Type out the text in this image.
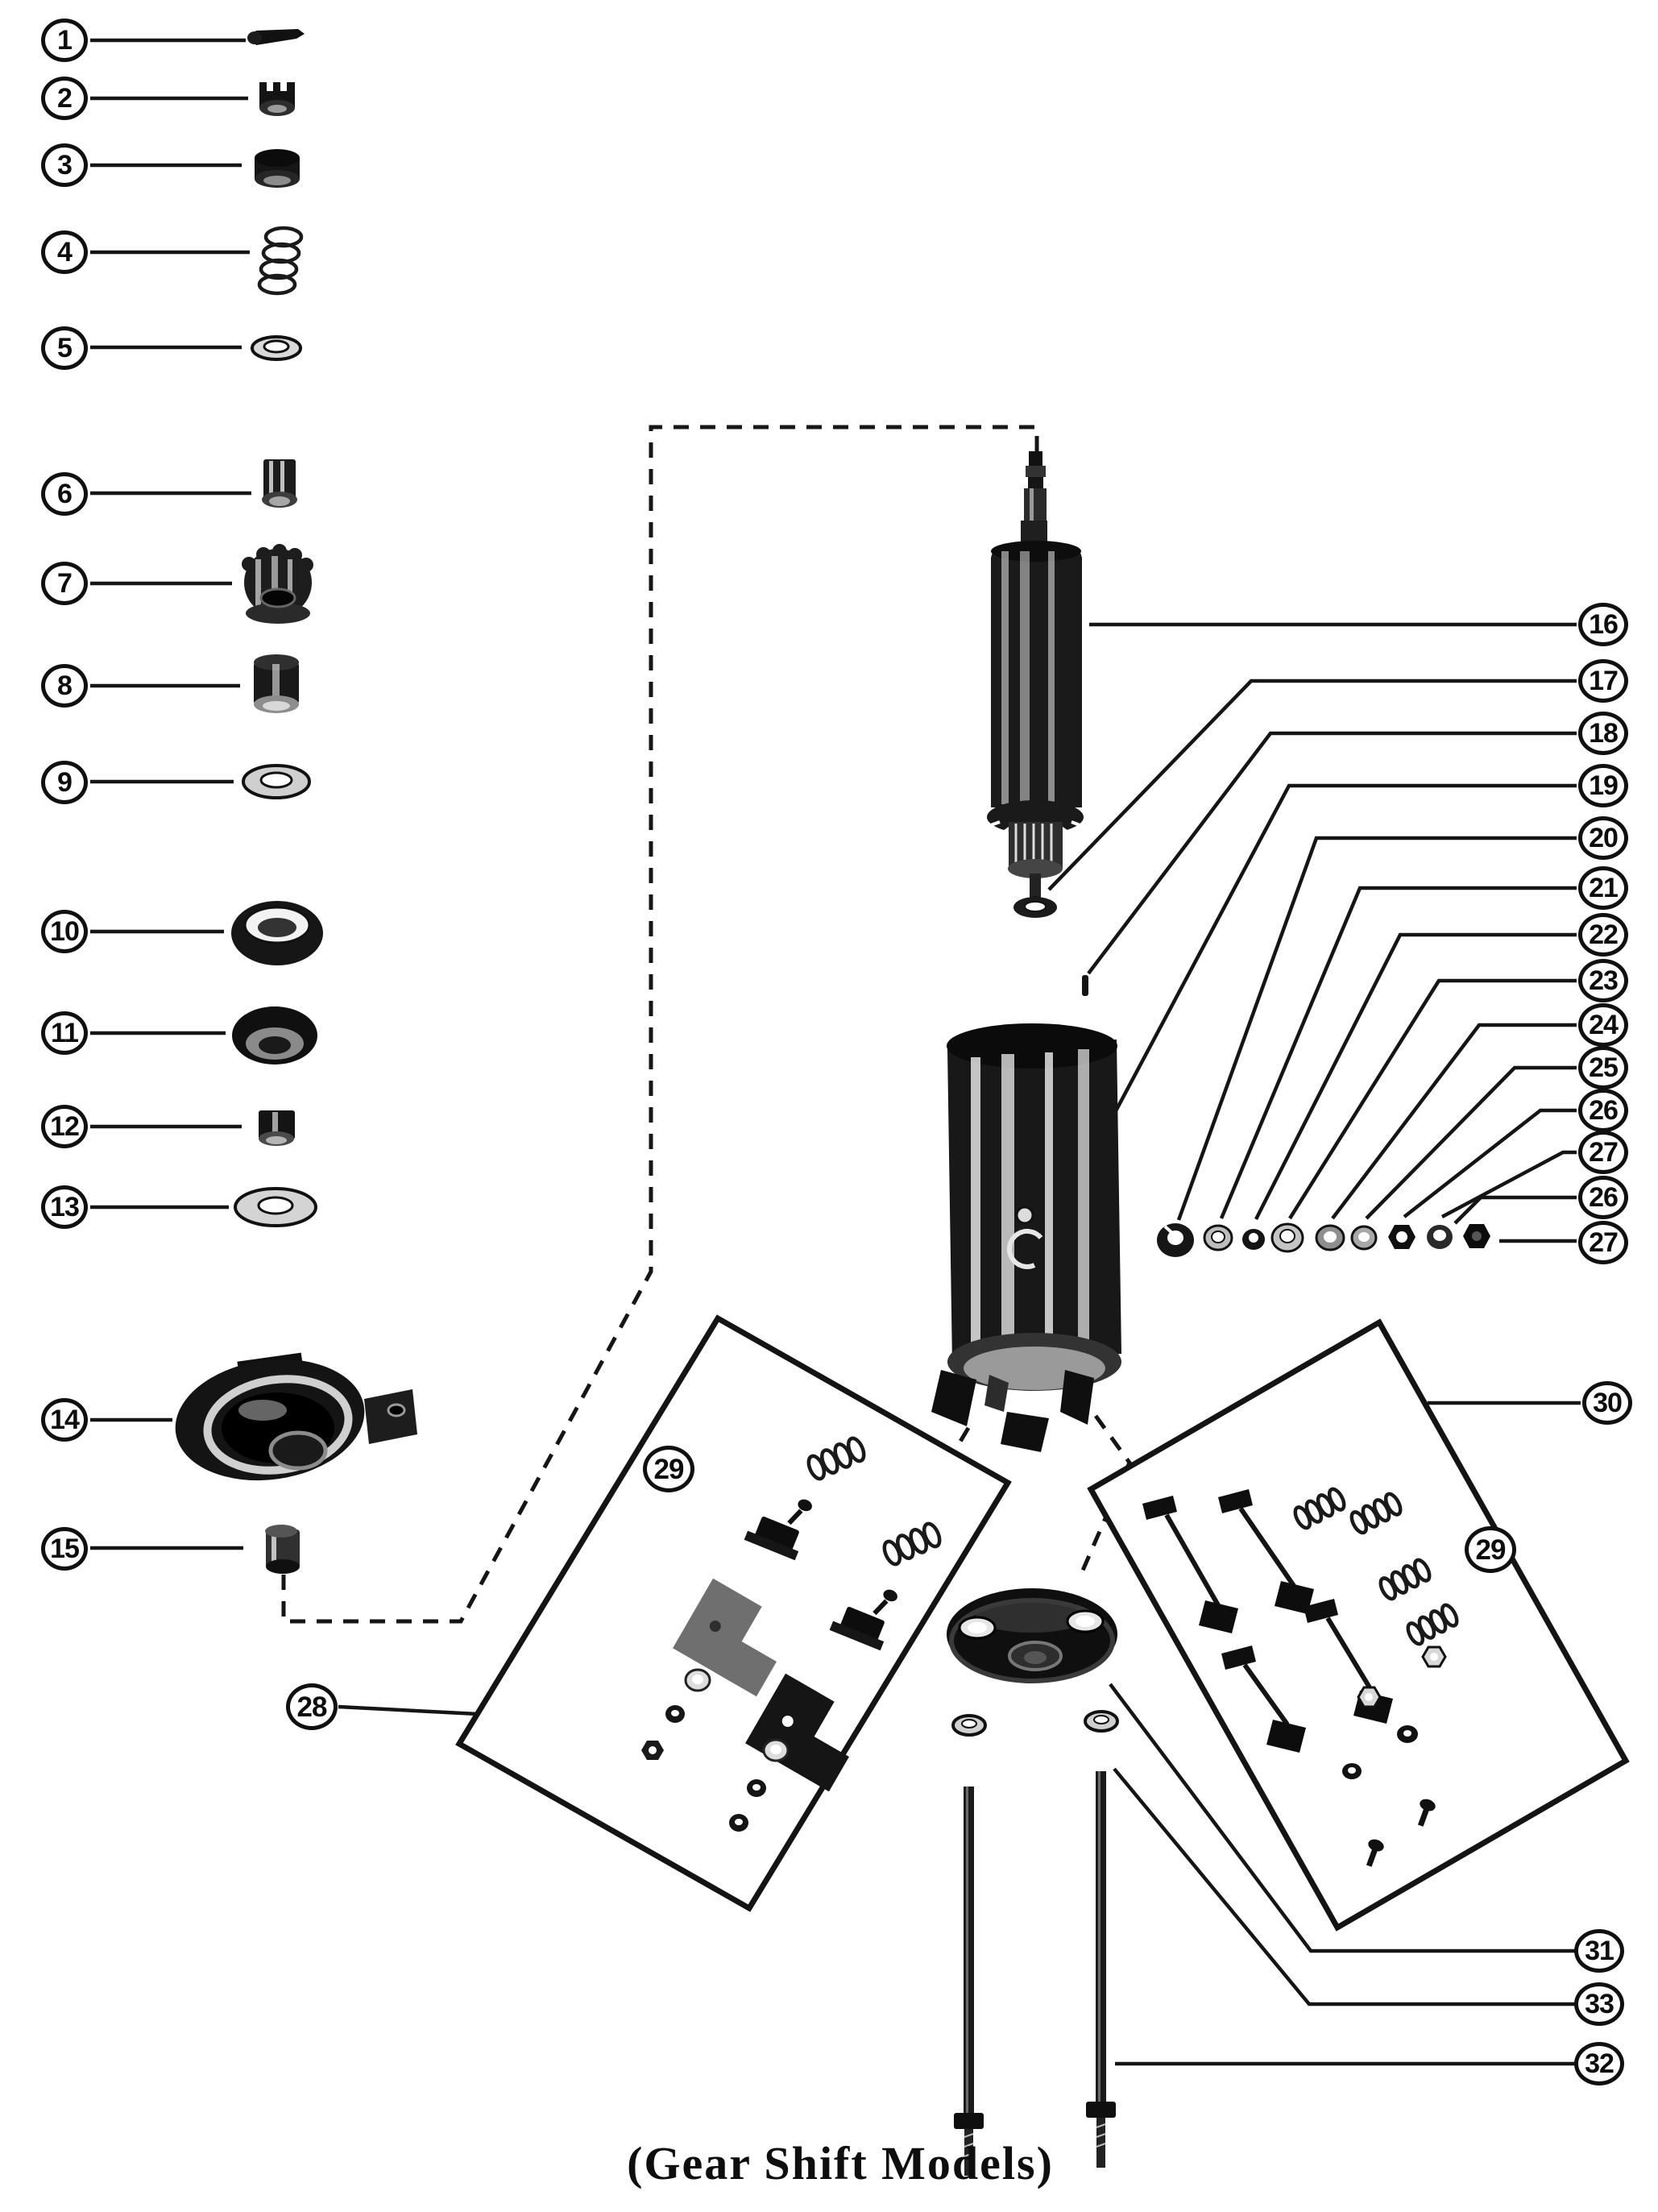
1
2
3
4
5
6
7
8
9
10
11
12
13
14
15
16
17
18
19
20
21
22
23
24
25
26
27
26
27
28
29
29
30
31
33
32
(Gear Shift Models)
